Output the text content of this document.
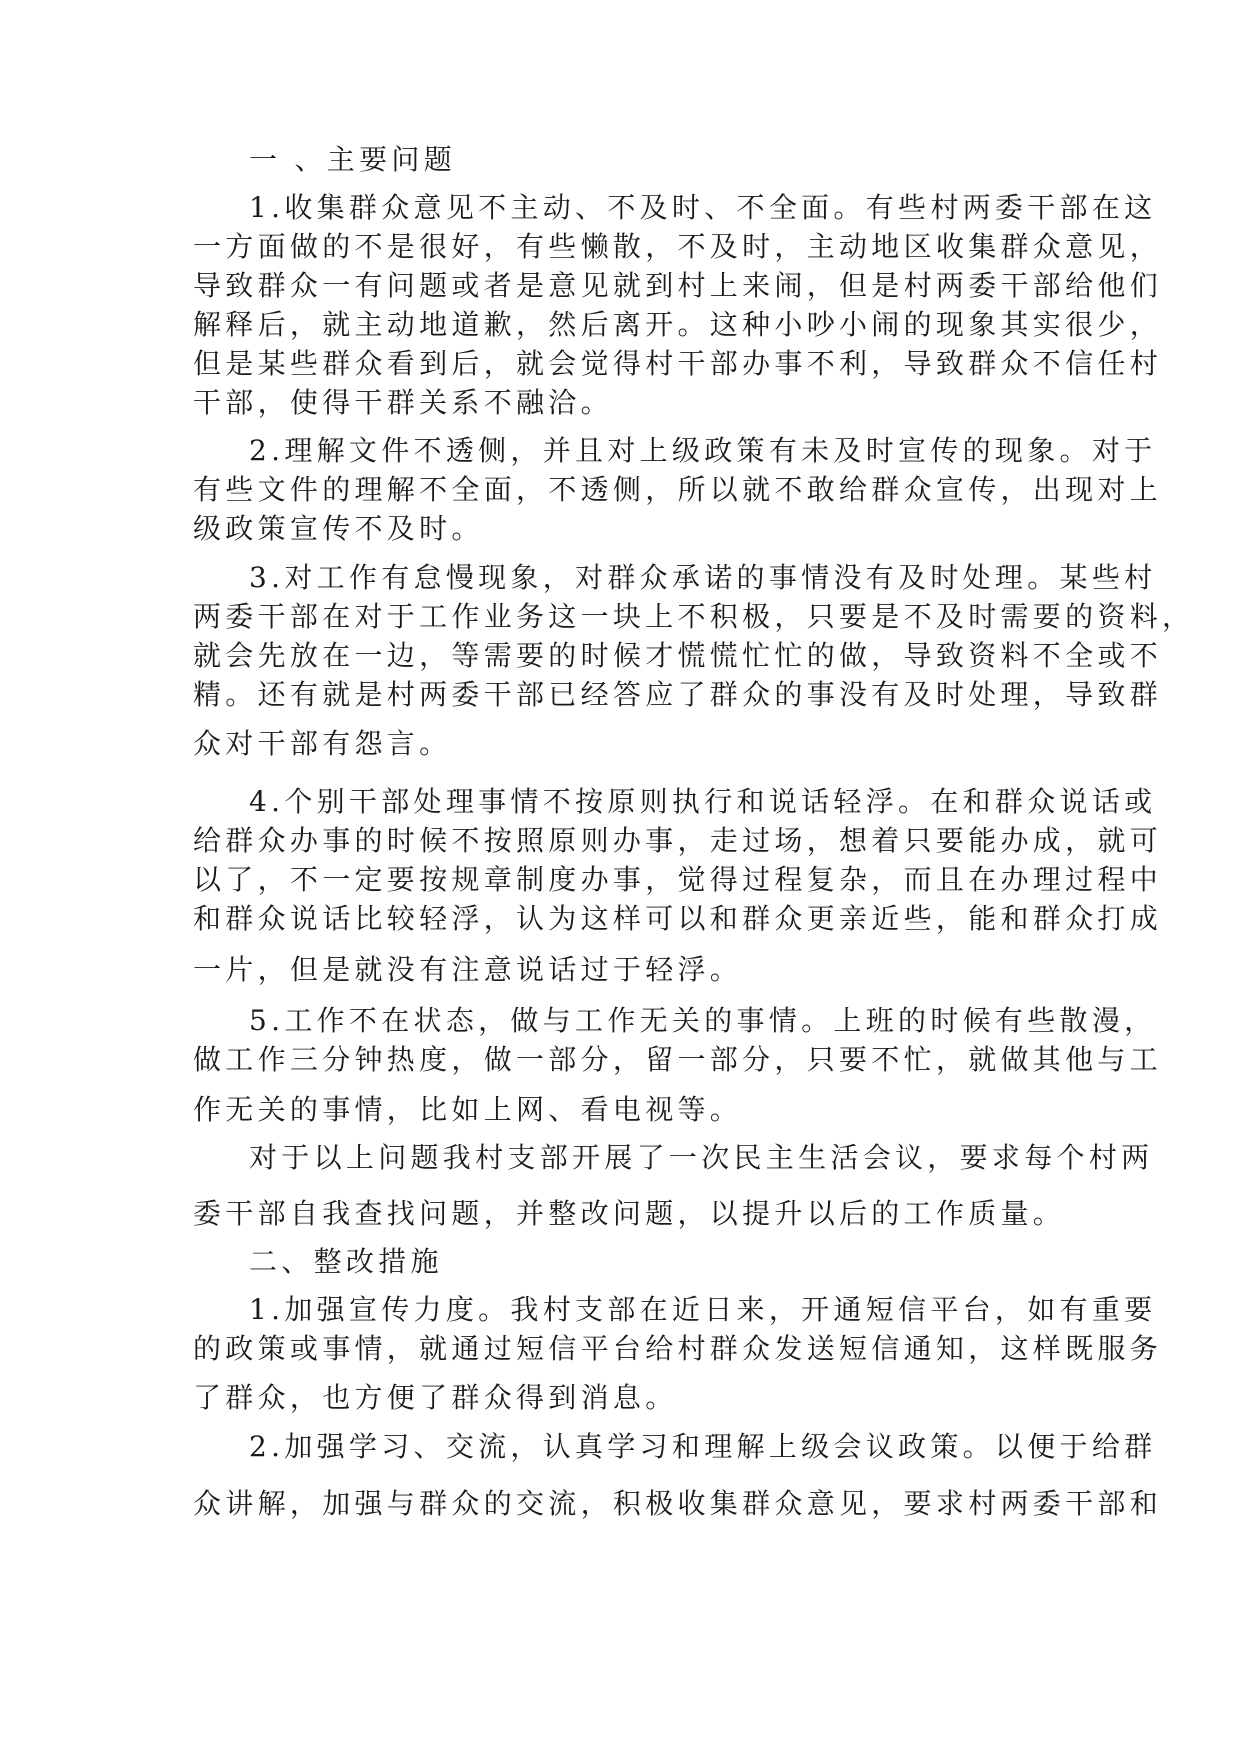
一 、主要问题
1.收集群众意见不主动、不及时、不全面。有些村两委干部在这
一方面做的不是很好，有些懒散，不及时，主动地区收集群众意见，
导致群众一有问题或者是意见就到村上来闹，但是村两委干部给他们
解释后，就主动地道歉，然后离开。这种小吵小闹的现象其实很少，
但是某些群众看到后，就会觉得村干部办事不利，导致群众不信任村
干部，使得干群关系不融洽。
2.理解文件不透侧，并且对上级政策有未及时宣传的现象。对于
有些文件的理解不全面，不透侧，所以就不敢给群众宣传，出现对上
级政策宣传不及时。
3.对工作有怠慢现象，对群众承诺的事情没有及时处理。某些村
两委干部在对于工作业务这一块上不积极，只要是不及时需要的资料，
就会先放在一边，等需要的时候才慌慌忙忙的做，导致资料不全或不
精。还有就是村两委干部已经答应了群众的事没有及时处理，导致群
众对干部有怨言。
4.个别干部处理事情不按原则执行和说话轻浮。在和群众说话或
给群众办事的时候不按照原则办事，走过场，想着只要能办成，就可
以了，不一定要按规章制度办事，觉得过程复杂，而且在办理过程中
和群众说话比较轻浮，认为这样可以和群众更亲近些，能和群众打成
一片，但是就没有注意说话过于轻浮。
5.工作不在状态，做与工作无关的事情。上班的时候有些散漫，
做工作三分钟热度，做一部分，留一部分，只要不忙，就做其他与工
作无关的事情，比如上网、看电视等。
对于以上问题我村支部开展了一次民主生活会议，要求每个村两
委干部自我查找问题，并整改问题，以提升以后的工作质量。
二、整改措施
1.加强宣传力度。我村支部在近日来，开通短信平台，如有重要
的政策或事情，就通过短信平台给村群众发送短信通知，这样既服务
了群众，也方便了群众得到消息。
2.加强学习、交流，认真学习和理解上级会议政策。以便于给群
众讲解，加强与群众的交流，积极收集群众意见，要求村两委干部和
